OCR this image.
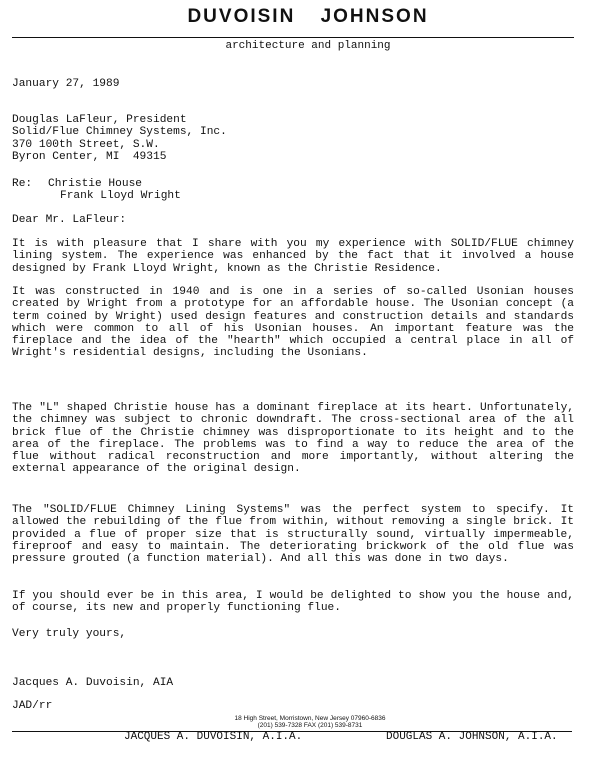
DUVOISIN JOHNSON
architecture and planning
January 27, 1989
Douglas LaFleur, President
Solid/Flue Chimney Systems, Inc.
370 100th Street, S.W.
Byron Center, MI  49315
Re:	Christie House
Frank Lloyd Wright
Dear Mr. LaFleur:
It is with pleasure that I share with you my experience with SOLID/FLUE chimney lining system. The experience was enhanced by the fact that it involved a house designed by Frank Lloyd Wright, known as the Christie Residence.
It was constructed in 1940 and is one in a series of so-called Usonian houses created by Wright from a prototype for an affordable house. The Usonian concept (a term coined by Wright) used design features and construction details and standards which were common to all of his Usonian houses. An important feature was the fireplace and the idea of the "hearth" which occupied a central place in all of Wright's residential designs, including the Usonians.
The "L" shaped Christie house has a dominant fireplace at its heart. Unfortunately, the chimney was subject to chronic downdraft. The cross-sectional area of the all brick flue of the Christie chimney was disproportionate to its height and to the area of the fireplace. The problems was to find a way to reduce the area of the flue without radical reconstruction and more importantly, without altering the external appearance of the original design.
The "SOLID/FLUE Chimney Lining Systems" was the perfect system to specify. It allowed the rebuilding of the flue from within, without removing a single brick. It provided a flue of proper size that is structurally sound, virtually impermeable, fireproof and easy to maintain. The deteriorating brickwork of the old flue was pressure grouted (a function material). And all this was done in two days.
If you should ever be in this area, I would be delighted to show you the house and, of course, its new and properly functioning flue.
Very truly yours,
Jacques A. Duvoisin, AIA
JAD/rr
18 High Street, Morristown, New Jersey 07960-6836
(201) 539-7328 FAX (201) 539-8731
JACQUES A. DUVOISIN, A.I.A.	DOUGLAS A. JOHNSON, A.I.A.
